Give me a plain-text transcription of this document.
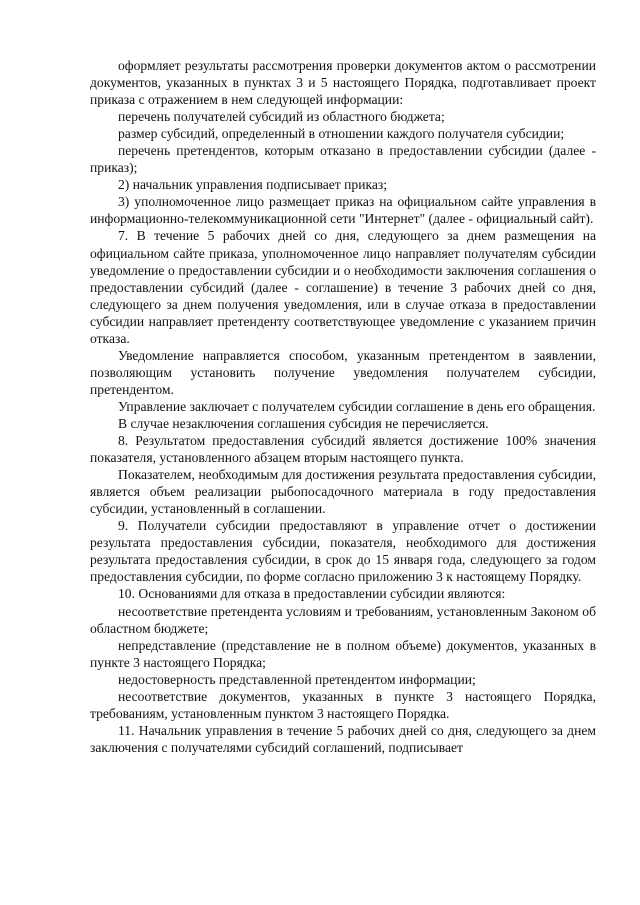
оформляет результаты рассмотрения проверки документов актом о рассмотрении документов, указанных в пунктах 3 и 5 настоящего Порядка, подготавливает проект приказа с отражением в нем следующей информации:

перечень получателей субсидий из областного бюджета;

размер субсидий, определенный в отношении каждого получателя субсидии;

перечень претендентов, которым отказано в предоставлении субсидии (далее - приказ);

2) начальник управления подписывает приказ;

3) уполномоченное лицо размещает приказ на официальном сайте управления в информационно-телекоммуникационной сети "Интернет" (далее - официальный сайт).

7. В течение 5 рабочих дней со дня, следующего за днем размещения на официальном сайте приказа, уполномоченное лицо направляет получателям субсидии уведомление о предоставлении субсидии и о необходимости заключения соглашения о предоставлении субсидий (далее - соглашение) в течение 3 рабочих дней со дня, следующего за днем получения уведомления, или в случае отказа в предоставлении субсидии направляет претенденту соответствующее уведомление с указанием причин отказа.

Уведомление направляется способом, указанным претендентом в заявлении, позволяющим установить получение уведомления получателем субсидии, претендентом.

Управление заключает с получателем субсидии соглашение в день его обращения.

В случае незаключения соглашения субсидия не перечисляется.

8. Результатом предоставления субсидий является достижение 100% значения показателя, установленного абзацем вторым настоящего пункта.

Показателем, необходимым для достижения результата предоставления субсидии, является объем реализации рыбопосадочного материала в году предоставления субсидии, установленный в соглашении.

9. Получатели субсидии предоставляют в управление отчет о достижении результата предоставления субсидии, показателя, необходимого для достижения результата предоставления субсидии, в срок до 15 января года, следующего за годом предоставления субсидии, по форме согласно приложению 3 к настоящему Порядку.

10. Основаниями для отказа в предоставлении субсидии являются:

несоответствие претендента условиям и требованиям, установленным Законом об областном бюджете;

непредставление (представление не в полном объеме) документов, указанных в пункте 3 настоящего Порядка;

недостоверность представленной претендентом информации;

несоответствие документов, указанных в пункте 3 настоящего Порядка, требованиям, установленным пунктом 3 настоящего Порядка.

11. Начальник управления в течение 5 рабочих дней со дня, следующего за днем заключения с получателями субсидий соглашений, подписывает
